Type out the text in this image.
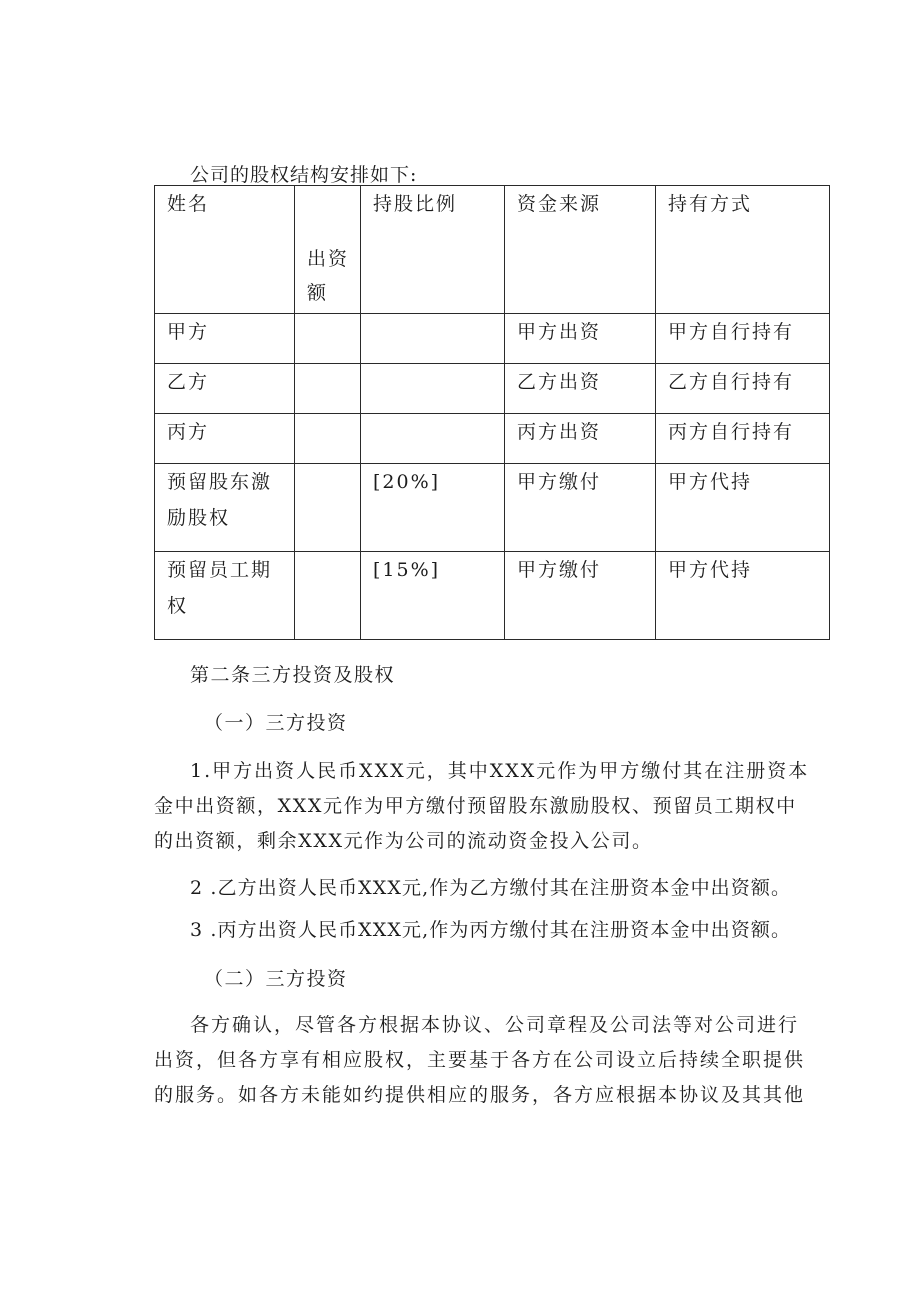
公司的股权结构安排如下:
姓名	出资额	持股比例	资金来源	持有方式
甲方			甲方出资	甲方自行持有
乙方			乙方出资	乙方自行持有
丙方			丙方出资	丙方自行持有
预留股东激励股权		[20%]	甲方缴付	甲方代持
预留员工期权		[15%]	甲方缴付	甲方代持
第二条三方投资及股权
（一）三方投资
1.甲方出资人民币XXX元，其中XXX元作为甲方缴付其在注册资本
金中出资额，XXX元作为甲方缴付预留股东激励股权、预留员工期权中
的出资额，剩余XXX元作为公司的流动资金投入公司。
2 .乙方出资人民币XXX元,作为乙方缴付其在注册资本金中出资额。
3 .丙方出资人民币XXX元,作为丙方缴付其在注册资本金中出资额。
（二）三方投资
各方确认，尽管各方根据本协议、公司章程及公司法等对公司进行
出资，但各方享有相应股权，主要基于各方在公司设立后持续全职提供
的服务。如各方未能如约提供相应的服务，各方应根据本协议及其其他
